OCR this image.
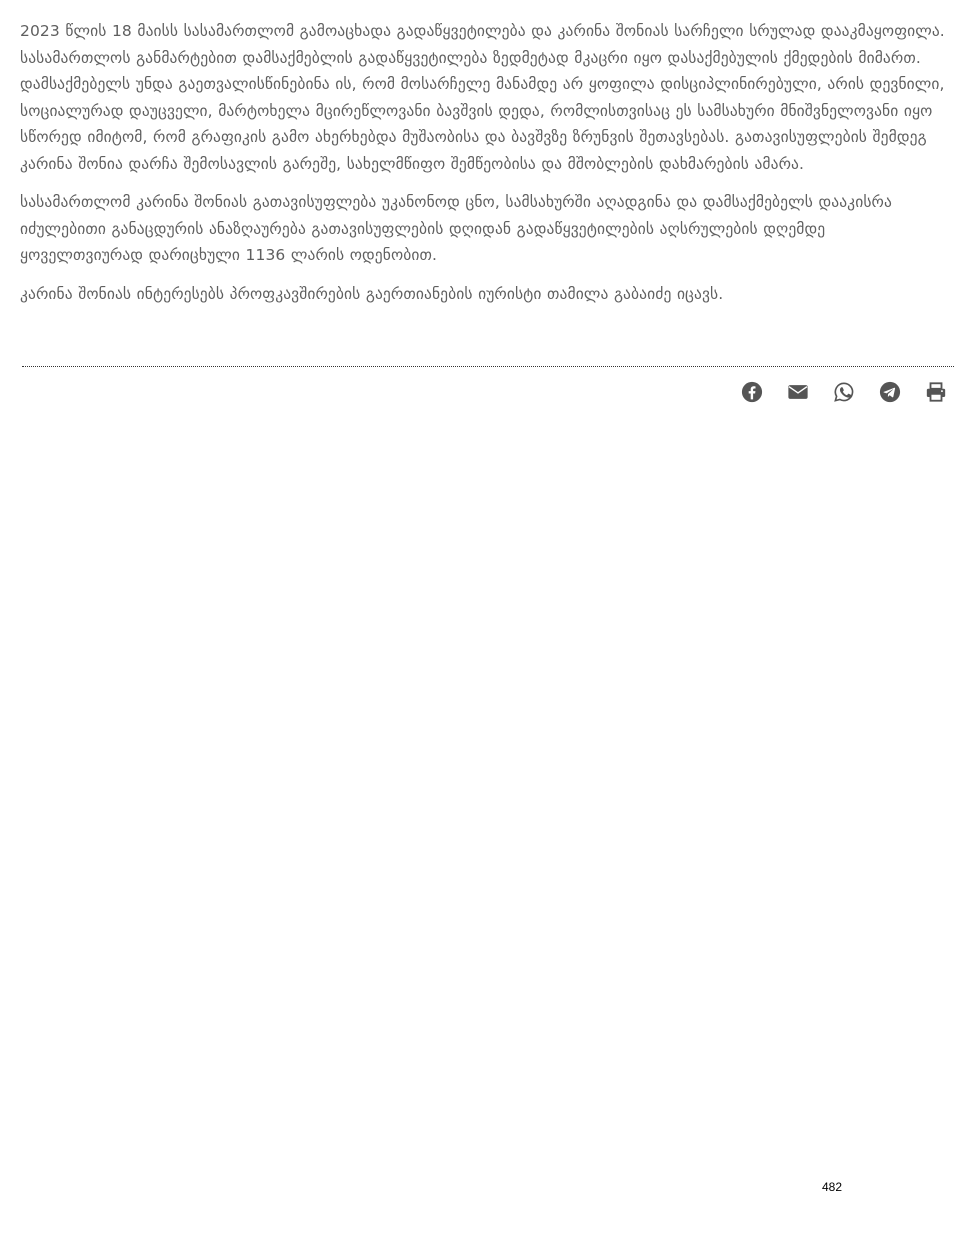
2023 წლის 18 მაისს სასამართლომ გამოაცხადა გადაწყვეტილება და კარინა შონიას სარჩელი სრულად დააკმაყოფილა. სასამართლოს განმარტებით დამსაქმებლის გადაწყვეტილება ზედმეტად მკაცრი იყო დასაქმებულის ქმედების მიმართ. დამსაქმებელს უნდა გაეთვალისწინებინა ის, რომ მოსარჩელე მანამდე არ ყოფილა დისციპლინირებული, არის დევნილი, სოციალურად დაუცველი, მარტოხელა მცირეწლოვანი ბავშვის დედა, რომლისთვისაც ეს სამსახური მნიშვნელოვანი იყო სწორედ იმიტომ, რომ გრაფიკის გამო ახერხებდა მუშაობისა და ბავშვზე ზრუნვის შეთავსებას. გათავისუფლების შემდეგ კარინა შონია დარჩა შემოსავლის გარეშე, სახელმწიფო შემწეობისა და მშობლების დახმარების ამარა.

სასამართლომ კარინა შონიას გათავისუფლება უკანონოდ ცნო, სამსახურში აღადგინა და დამსაქმებელს დააკისრა იძულებითი განაცდურის ანაზღაურება გათავისუფლების დღიდან გადაწყვეტილების აღსრულების დღემდე ყოველთვიურად დარიცხული 1136 ლარის ოდენობით.

კარინა შონიას ინტერესებს პროფკავშირების გაერთიანების იურისტი თამილა გაბაიძე იცავს.

482
